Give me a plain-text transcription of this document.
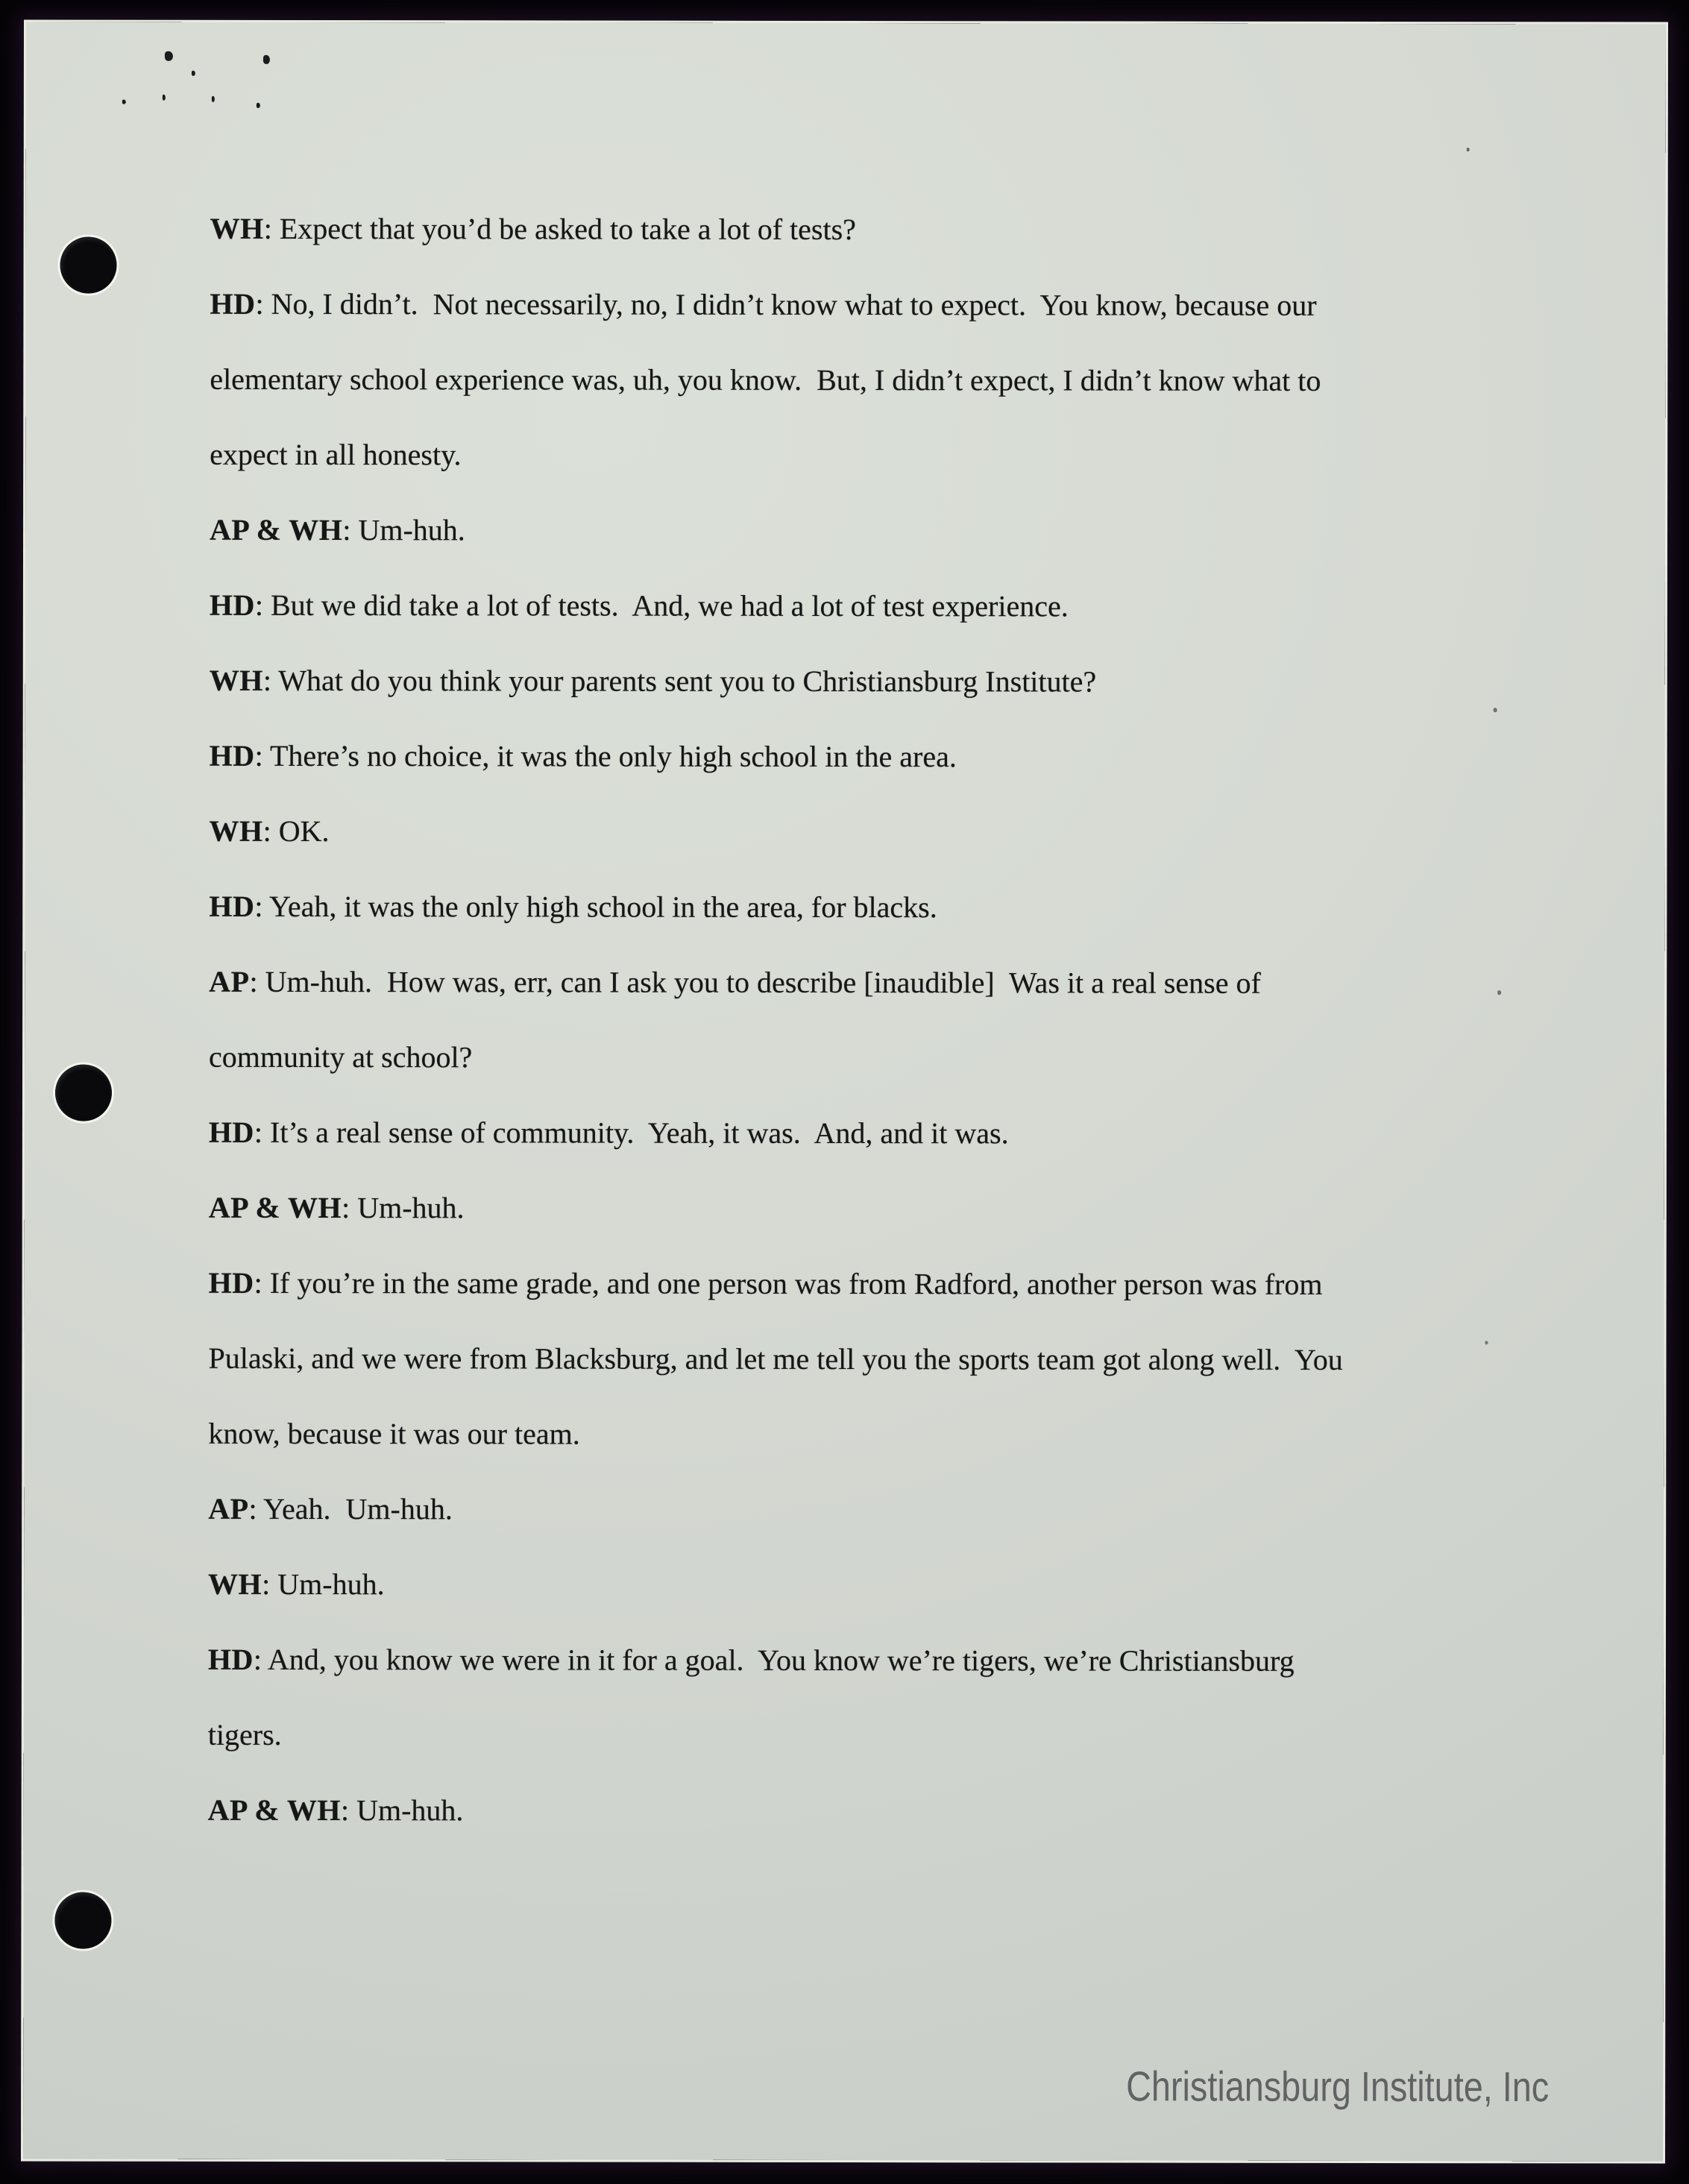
WH: Expect that you’d be asked to take a lot of tests?

HD: No, I didn’t.  Not necessarily, no, I didn’t know what to expect.  You know, because our
elementary school experience was, uh, you know.  But, I didn’t expect, I didn’t know what to
expect in all honesty.

AP & WH: Um-huh.

HD: But we did take a lot of tests.  And, we had a lot of test experience.

WH: What do you think your parents sent you to Christiansburg Institute?

HD: There’s no choice, it was the only high school in the area.

WH: OK.

HD: Yeah, it was the only high school in the area, for blacks.

AP: Um-huh.  How was, err, can I ask you to describe [inaudible]  Was it a real sense of
community at school?

HD: It’s a real sense of community.  Yeah, it was.  And, and it was.

AP & WH: Um-huh.

HD: If you’re in the same grade, and one person was from Radford, another person was from
Pulaski, and we were from Blacksburg, and let me tell you the sports team got along well.  You
know, because it was our team.

AP: Yeah.  Um-huh.

WH: Um-huh.

HD: And, you know we were in it for a goal.  You know we’re tigers, we’re Christiansburg
tigers.

AP & WH: Um-huh.

Christiansburg Institute, Inc
